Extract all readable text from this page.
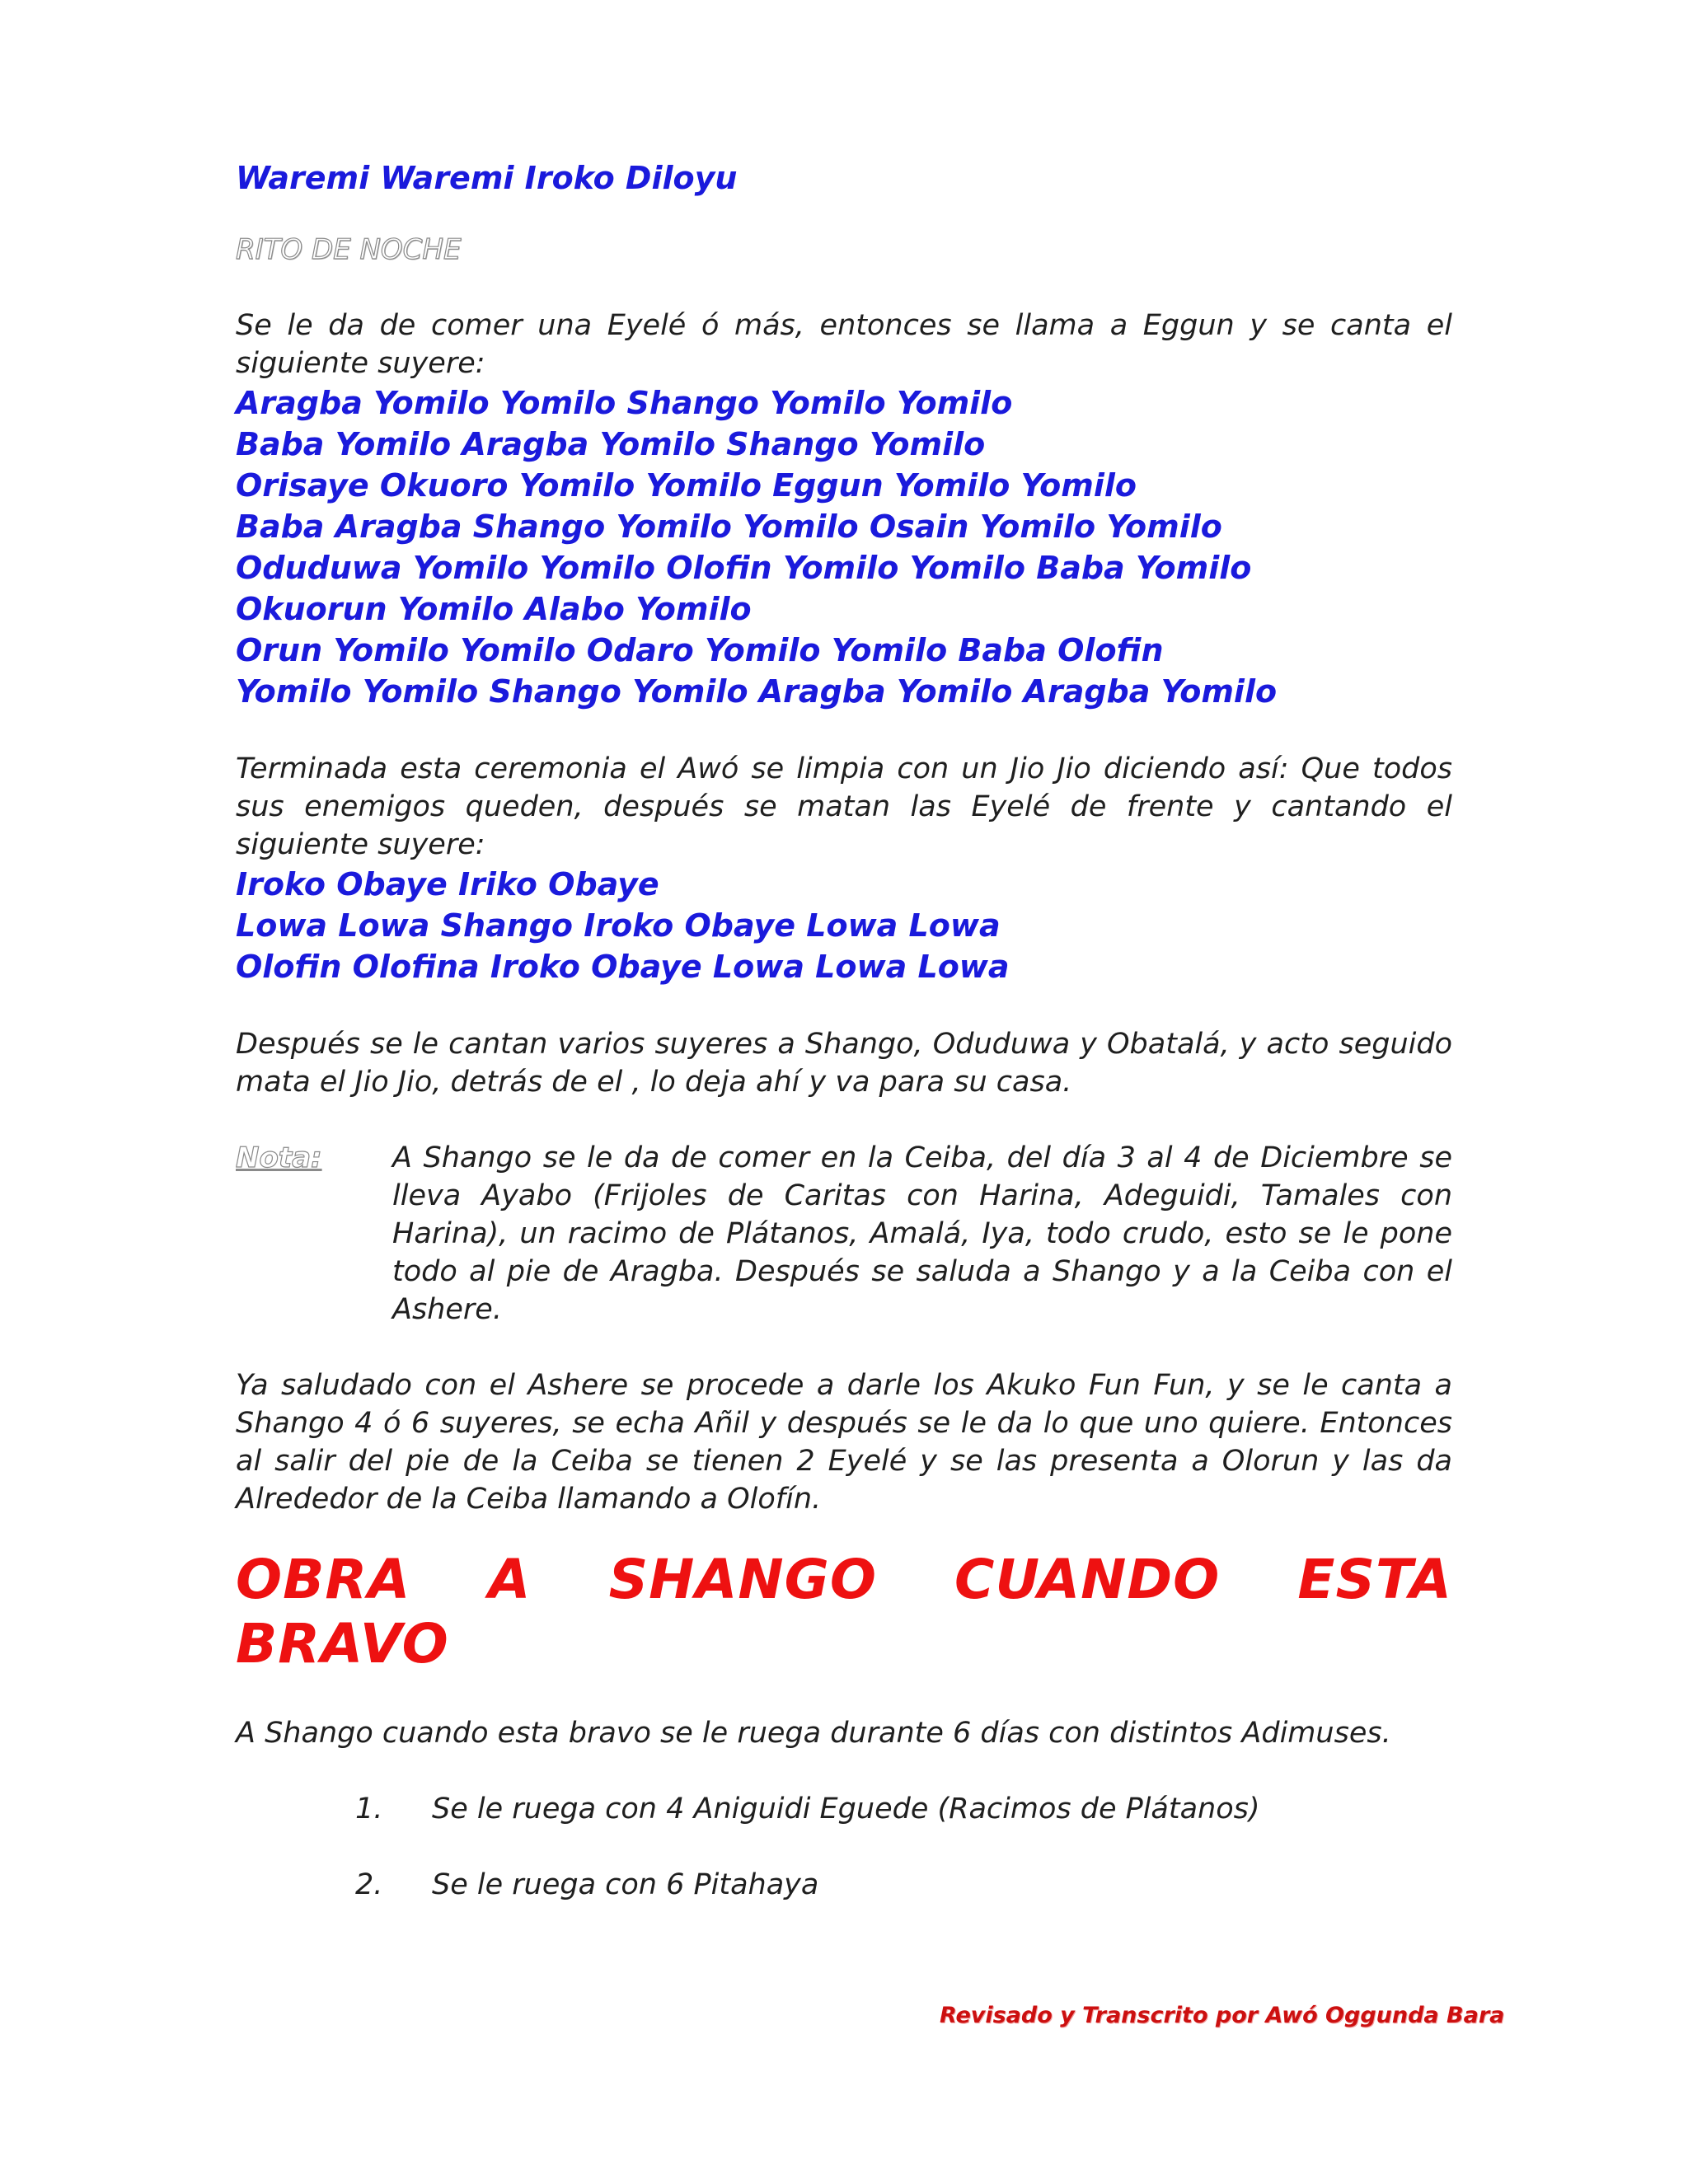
Waremi Waremi Iroko Diloyu

RITO DE NOCHE

Se le da de comer una Eyelé ó más, entonces se llama a Eggun y se canta el siguiente suyere:

Aragba Yomilo Yomilo Shango Yomilo Yomilo
Baba Yomilo Aragba Yomilo Shango Yomilo
Orisaye Okuoro Yomilo Yomilo Eggun Yomilo Yomilo
Baba Aragba Shango Yomilo Yomilo Osain Yomilo Yomilo
Oduduwa Yomilo Yomilo Olofin Yomilo Yomilo Baba Yomilo
Okuorun Yomilo Alabo Yomilo
Orun Yomilo Yomilo Odaro Yomilo Yomilo Baba Olofin
Yomilo Yomilo Shango Yomilo Aragba Yomilo Aragba Yomilo

Terminada esta ceremonia el Awó se limpia con un Jio Jio diciendo así: Que todos sus enemigos queden, después se matan las Eyelé de frente y cantando el siguiente suyere:

Iroko Obaye Iriko Obaye
Lowa Lowa Shango Iroko Obaye Lowa Lowa
Olofin Olofina Iroko Obaye Lowa Lowa Lowa

Después se le cantan varios suyeres a Shango, Oduduwa y Obatalá, y acto seguido mata el Jio Jio, detrás de el , lo deja ahí y va para su casa.

Nota:	A Shango se le da de comer en la Ceiba, del día 3 al 4 de Diciembre se lleva Ayabo (Frijoles de Caritas con Harina, Adeguidi, Tamales con Harina), un racimo de Plátanos, Amalá, Iya, todo crudo, esto se le pone todo al pie de Aragba. Después se saluda a Shango y a la Ceiba con el Ashere.

Ya saludado con el Ashere se procede a darle los Akuko Fun Fun, y se le canta a Shango 4 ó 6 suyeres, se echa Añil y después se le da lo que uno quiere. Entonces al salir del pie de la Ceiba se tienen 2 Eyelé y se las presenta a Olorun y las da Alrededor de la Ceiba llamando a Olofín.

OBRA A SHANGO CUANDO ESTA
BRAVO

A Shango cuando esta bravo se le ruega durante 6 días con distintos Adimuses.

1.	Se le ruega con 4 Aniguidi Eguede (Racimos de Plátanos)
2.	Se le ruega con 6 Pitahaya
Revisado y Transcrito por Awó Oggunda Bara
